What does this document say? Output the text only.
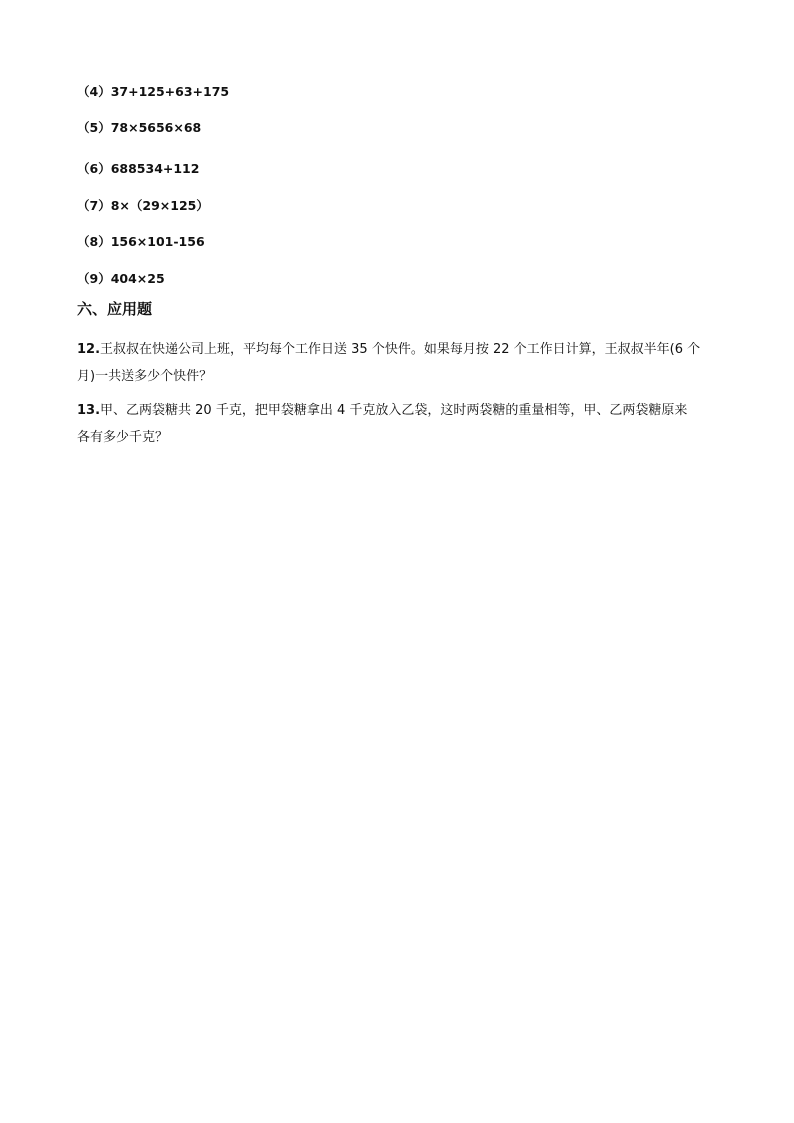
（4）37+125+63+175
（5）78×5656×68
（6）688534+112
（7）8×（29×125）
（8）156×101-156
（9）404×25
六、应用题
12.王叔叔在快递公司上班，平均每个工作日送 35 个快件。如果每月按 22 个工作日计算，王叔叔半年(6 个
月)一共送多少个快件？
13.甲、乙两袋糖共 20 千克，把甲袋糖拿出 4 千克放入乙袋，这时两袋糖的重量相等，甲、乙两袋糖原来
各有多少千克？
